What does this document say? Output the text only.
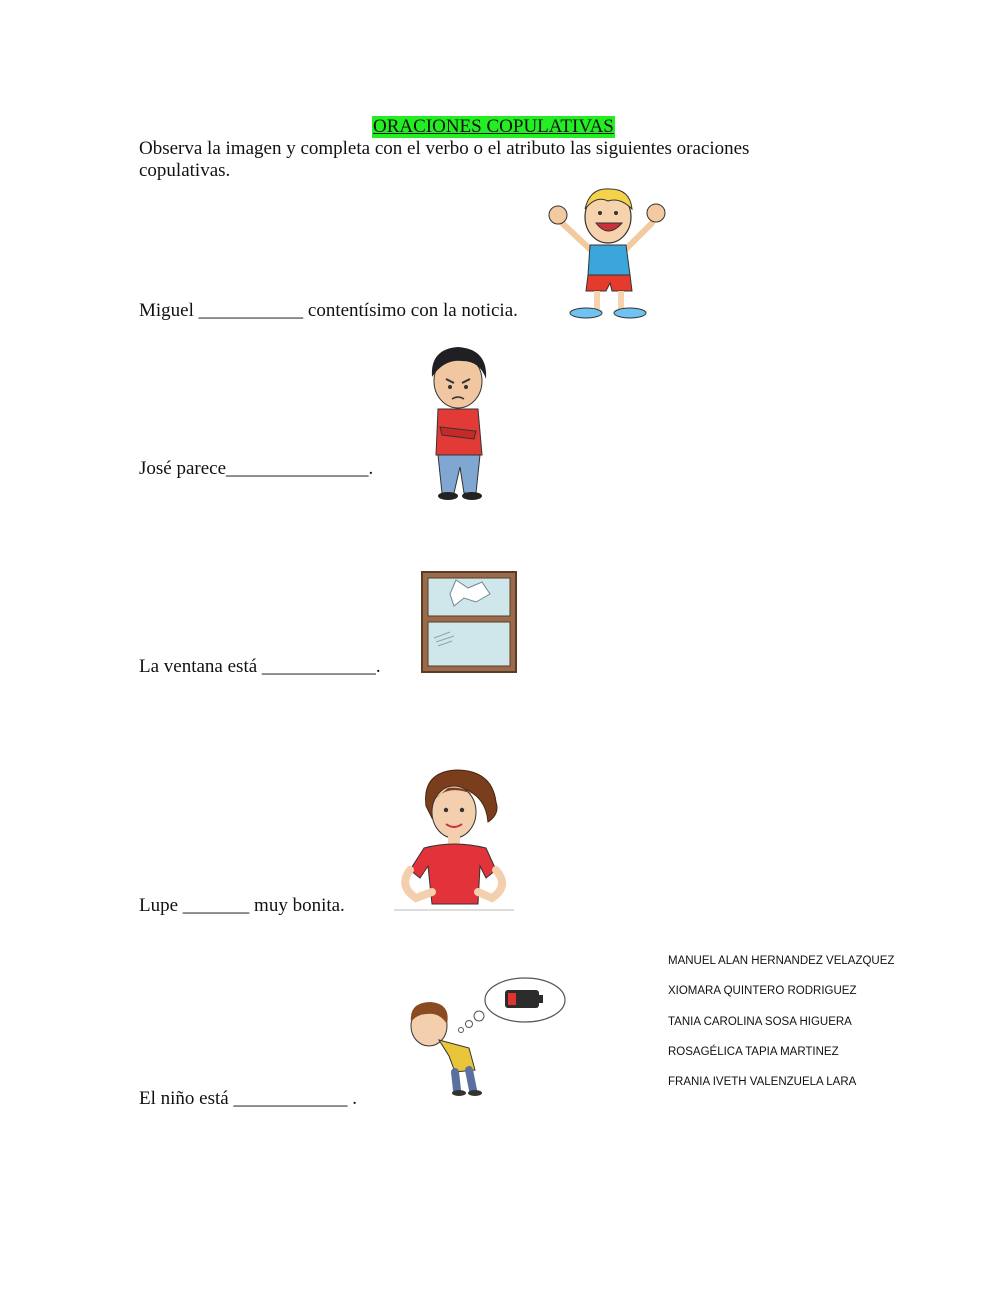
ORACIONES COPULATIVAS
Observa la imagen y completa con el verbo o el atributo las siguientes oraciones copulativas.
Miguel ___________ contentísimo con la noticia.
José parece_______________.
La ventana está ____________.
Lupe _______ muy bonita.
El niño está ____________ .
MANUEL ALAN HERNANDEZ VELAZQUEZ
XIOMARA QUINTERO RODRIGUEZ
TANIA CAROLINA SOSA HIGUERA
ROSAGÉLICA TAPIA MARTINEZ
FRANIA IVETH VALENZUELA LARA
